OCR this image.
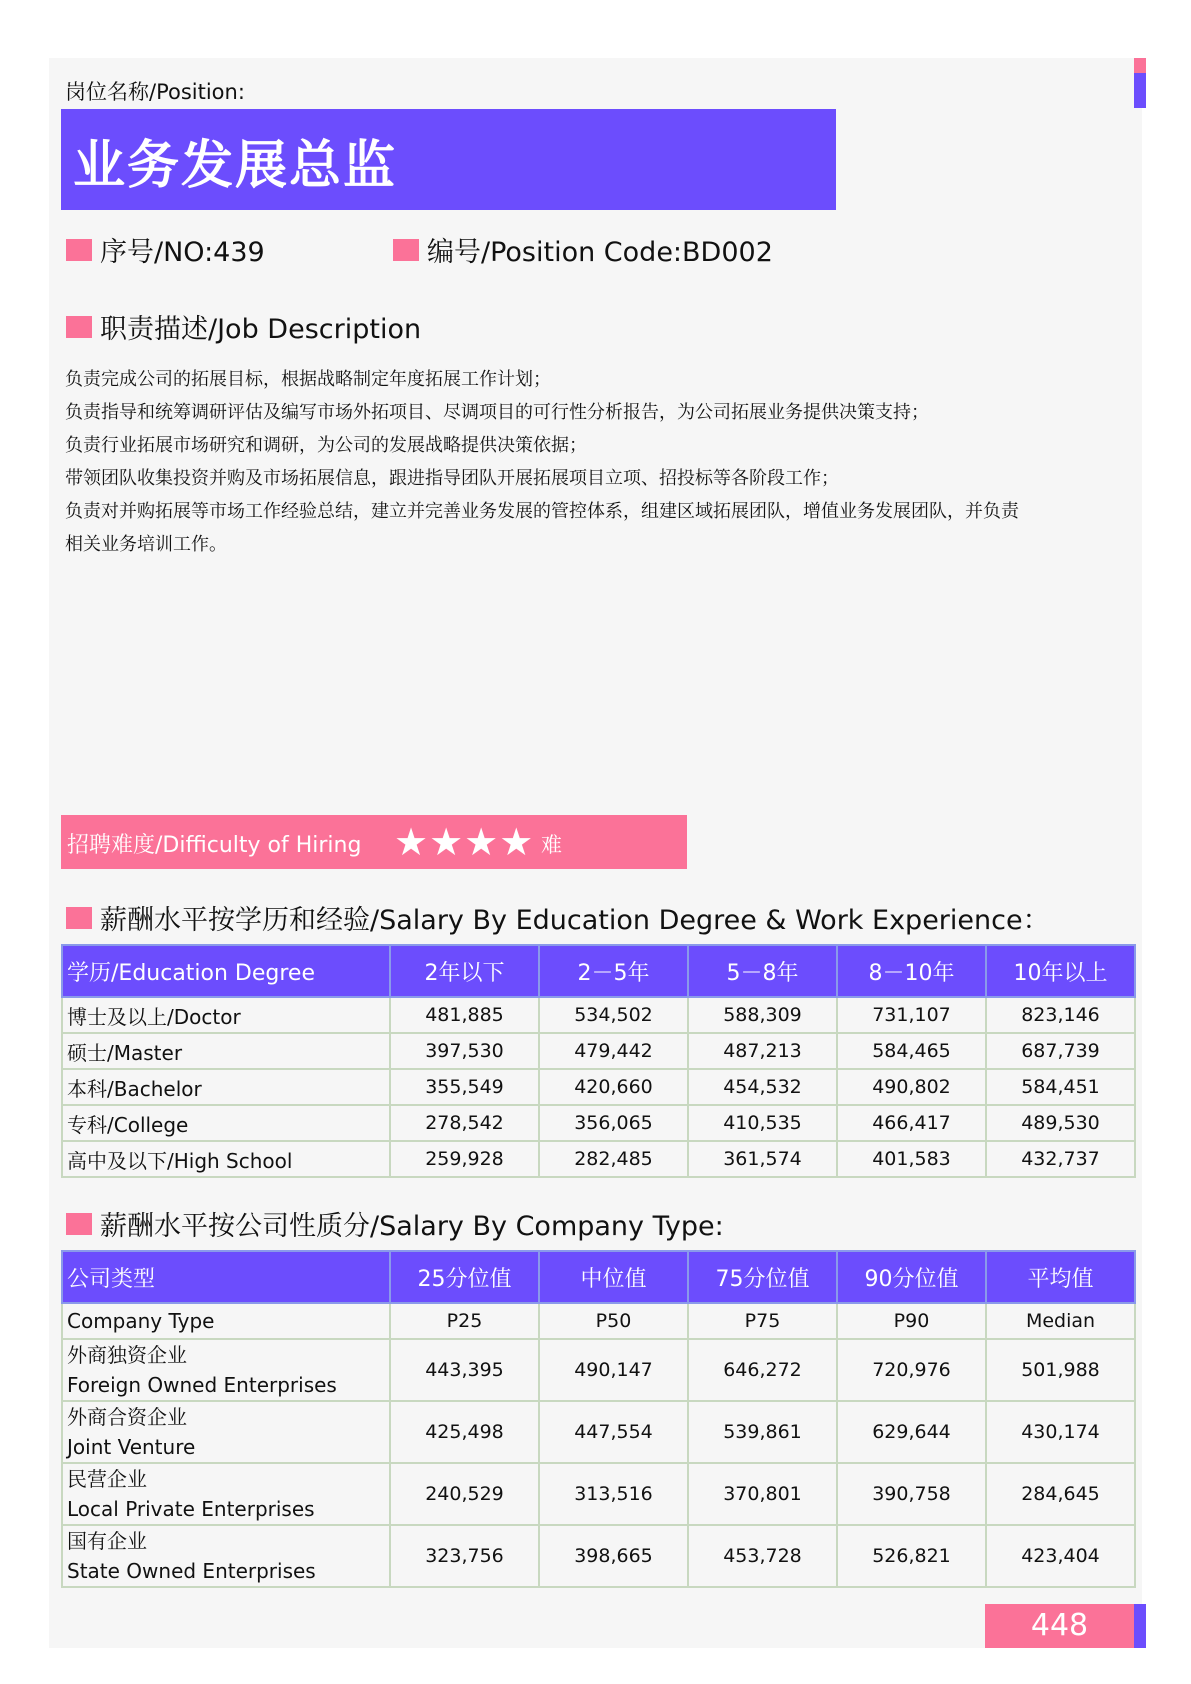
岗位名称/Position:
业务发展总监
序号/NO:439	编号/Position Code:BD002
职责描述/Job Description

负责完成公司的拓展目标，根据战略制定年度拓展工作计划；

负责指导和统筹调研评估及编写市场外拓项目、尽调项目的可行性分析报告，为公司拓展业务提供决策支持；

负责行业拓展市场研究和调研，为公司的发展战略提供决策依据；

带领团队收集投资并购及市场拓展信息，跟进指导团队开展拓展项目立项、招投标等各阶段工作；

负责对并购拓展等市场工作经验总结，建立并完善业务发展的管控体系，组建区域拓展团队，增值业务发展团队，并负责

相关业务培训工作。

招聘难度/Difficulty of Hiring ★★★★ 难
薪酬水平按学历和经验/Salary By Education Degree & Work Experience：
学历/Education Degree	2年以下	2－5年	5－8年	8－10年	10年以上
博士及以上/Doctor	481,885	534,502	588,309	731,107	823,146
硕士/Master	397,530	479,442	487,213	584,465	687,739
本科/Bachelor	355,549	420,660	454,532	490,802	584,451
专科/College	278,542	356,065	410,535	466,417	489,530
高中及以下/High School	259,928	282,485	361,574	401,583	432,737
薪酬水平按公司性质分/Salary By Company Type:
公司类型	25分位值	中位值	75分位值	90分位值	平均值
Company Type	P25	P50	P75	P90	Median

外商独资企业
Foreign Owned Enterprises	443,395	490,147	646,272	720,976	501,988

外商合资企业
Joint Venture	425,498	447,554	539,861	629,644	430,174

民营企业
Local Private Enterprises	240,529	313,516	370,801	390,758	284,645

国有企业
State Owned Enterprises	323,756	398,665	453,728	526,821	423,404
448
